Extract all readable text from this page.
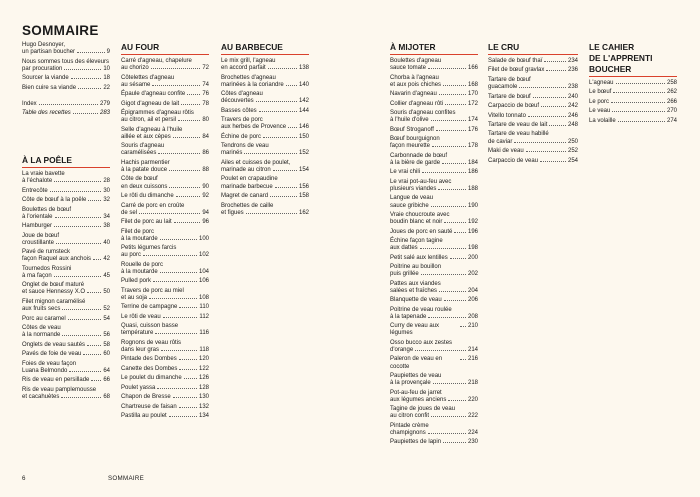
SOMMAIRE
Hugo Desnoyer,
un partisan boucher	9
Nous sommes tous des éleveurs
par procuration	10
Sourcer la viande	18
Bien cuire sa viande	22
Index	279
Table des recettes	283
À LA POÊLE
La vraie bavette
à l'échalote	28
Entrecôte	30
Côte de bœuf à la poêle	32
Boulettes de bœuf
à l'orientale	34
Hamburger	38
Joue de bœuf
croustillante	40
Pavé de rumsteck
façon Raquel aux anchois 42
Tournedos Rossini
à ma façon	45
Onglet de bœuf maturé
et sauce Hennessy X.O	50
Filet mignon caramélisé
aux fruits secs	52
Porc au caramel	54
Côtes de veau
à la normande	56
Onglets de veau sautés	58
Pavés de foie de veau	60
Foies de veau façon
Luana Belmondo	64
Ris de veau en persillade 66
Ris de veau pamplemousse
et cacahuètes	68
AU FOUR
Carré d'agneau, chapelure
au chorizo	72
Côtelettes d'agneau
au sésame	74
Épaule d'agneau confite	76
Gigot d'agneau de lait	78
Épigrammes d'agneau rôtis
au citron, ail et persil	80
Selle d'agneau à l'huile
aillée et aux cèpes	84
Souris d'agneau
caramélisées	86
Hachis parmentier
à la patate douce	88
Côte de bœuf
en deux cuissons	90
Le rôti du dimanche	92
Carré de porc en croûte
de sel	94
Filet de porc au lait	96
Filet de porc
à la moutarde	100
Petits légumes farcis
au porc	102
Rouelle de porc
à la moutarde	104
Pulled pork	106
Travers de porc au miel
et au soja	108
Terrine de campagne	110
Le rôti de veau	112
Quasi, cuisson basse
température	116
Rognons de veau rôtis
dans leur gras	118
Pintade des Dombes	120
Canette des Dombes	122
Le poulet du dimanche	126
Poulet yassa	128
Chapon de Bresse	130
Chartreuse de faisan	132
Pastilla au poulet	134
AU BARBECUE
Le mix grill, l'agneau
en accord parfait	138
Brochettes d'agneau
marinées à la coriandre	140
Côtes d'agneau
découvertes	142
Basses côtes	144
Travers de porc
aux herbes de Provence 146
Échine de porc	150
Tendrons de veau
marinés	152
Ailes et cuisses de poulet,
marinade au citron	154
Poulet en crapaudine
marinade barbecue	156
Magret de canard	158
Brochettes de caille
et figues	162
À MIJOTER
Boulettes d'agneau
sauce tomate	166
Chorba à l'agneau
et aux pois chiches	168
Navarin d'agneau	170
Collier d'agneau rôti	172
Souris d'agneau confites
à l'huile d'olive	174
Bœuf Stroganoff	176
Bœuf bourguignon
façon meurette	178
Carbonnade de bœuf
à la bière de garde	184
Le vrai chili	186
Le vrai pot-au-feu avec
plusieurs viandes	188
Langue de veau
sauce gribiche	190
Vraie choucroute avec
boudin blanc et noir	192
Joues de porc en sauté	196
Échine façon tagine
aux dattes	198
Petit salé aux lentilles	200
Poitrine au bouillon
puis grillée	202
Pattes aux viandes
salées et fraîches	204
Blanquette de veau	206
Poitrine de veau roulée
à la tapenade	208
Curry de veau aux légumes
210
Osso bucco aux zestes
d'orange	214
Paleron de veau en cocotte
216
Paupiettes de veau
à la provençale	218
Pot-au-feu de jarret
aux légumes anciens	220
Tagine de joues de veau
au citron confit	222
Pintade crème
champignons	224
Paupiettes de lapin	230
LE CRU
Salade de bœuf thaï	234
Filet de bœuf gravlax	236
Tartare de bœuf
guacamole	238
Tartare de bœuf	240
Carpaccio de bœuf	242
Vitello tonnato	246
Tartare de veau de lait	248
Tartare de veau habillé
de caviar	250
Maki de veau	252
Carpaccio de veau	254
LE CAHIER
DE L'APPRENTI
BOUCHER
L'agneau	258
Le bœuf	262
Le porc	266
Le veau	270
La volaille	274
6	SOMMAIRE
